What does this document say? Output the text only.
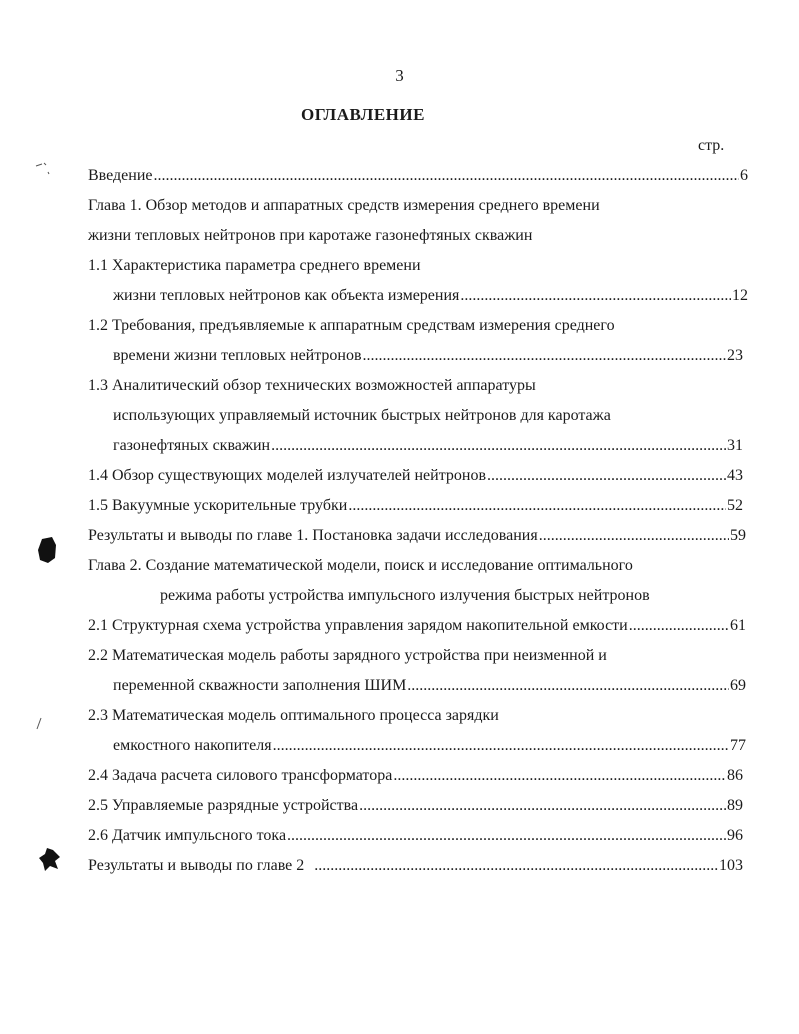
3
ОГЛАВЛЕНИЕ
стр.
Введение .....	6
Глава 1. Обзор методов и аппаратных средств измерения среднего времени
жизни тепловых нейтронов при каротаже газонефтяных скважин
1.1 Характеристика параметра среднего времени
жизни тепловых нейтронов как объекта измерения .....	12
1.2 Требования, предъявляемые к аппаратным средствам измерения среднего
времени жизни тепловых нейтронов .....	23
1.3 Аналитический обзор технических возможностей аппаратуры
использующих управляемый источник быстрых нейтронов для каротажа
газонефтяных скважин .....	31
1.4 Обзор существующих моделей излучателей нейтронов .....	43
1.5 Вакуумные ускорительные трубки .....	52
Результаты и выводы по главе 1. Постановка задачи исследования .....	59
Глава 2. Создание математической модели, поиск и исследование оптимального
режима работы устройства импульсного излучения быстрых нейтронов
2.1 Структурная схема устройства управления зарядом накопительной емкости .....	61
2.2 Математическая модель работы зарядного устройства при неизменной и
переменной скважности заполнения ШИМ .....	69
2.3 Математическая модель оптимального процесса зарядки
емкостного накопителя .....	77
2.4 Задача расчета силового трансформатора .....	86
2.5 Управляемые разрядные устройства .....	89
2.6 Датчик импульсного тока .....	96
Результаты и выводы по главе 2 .....	103
